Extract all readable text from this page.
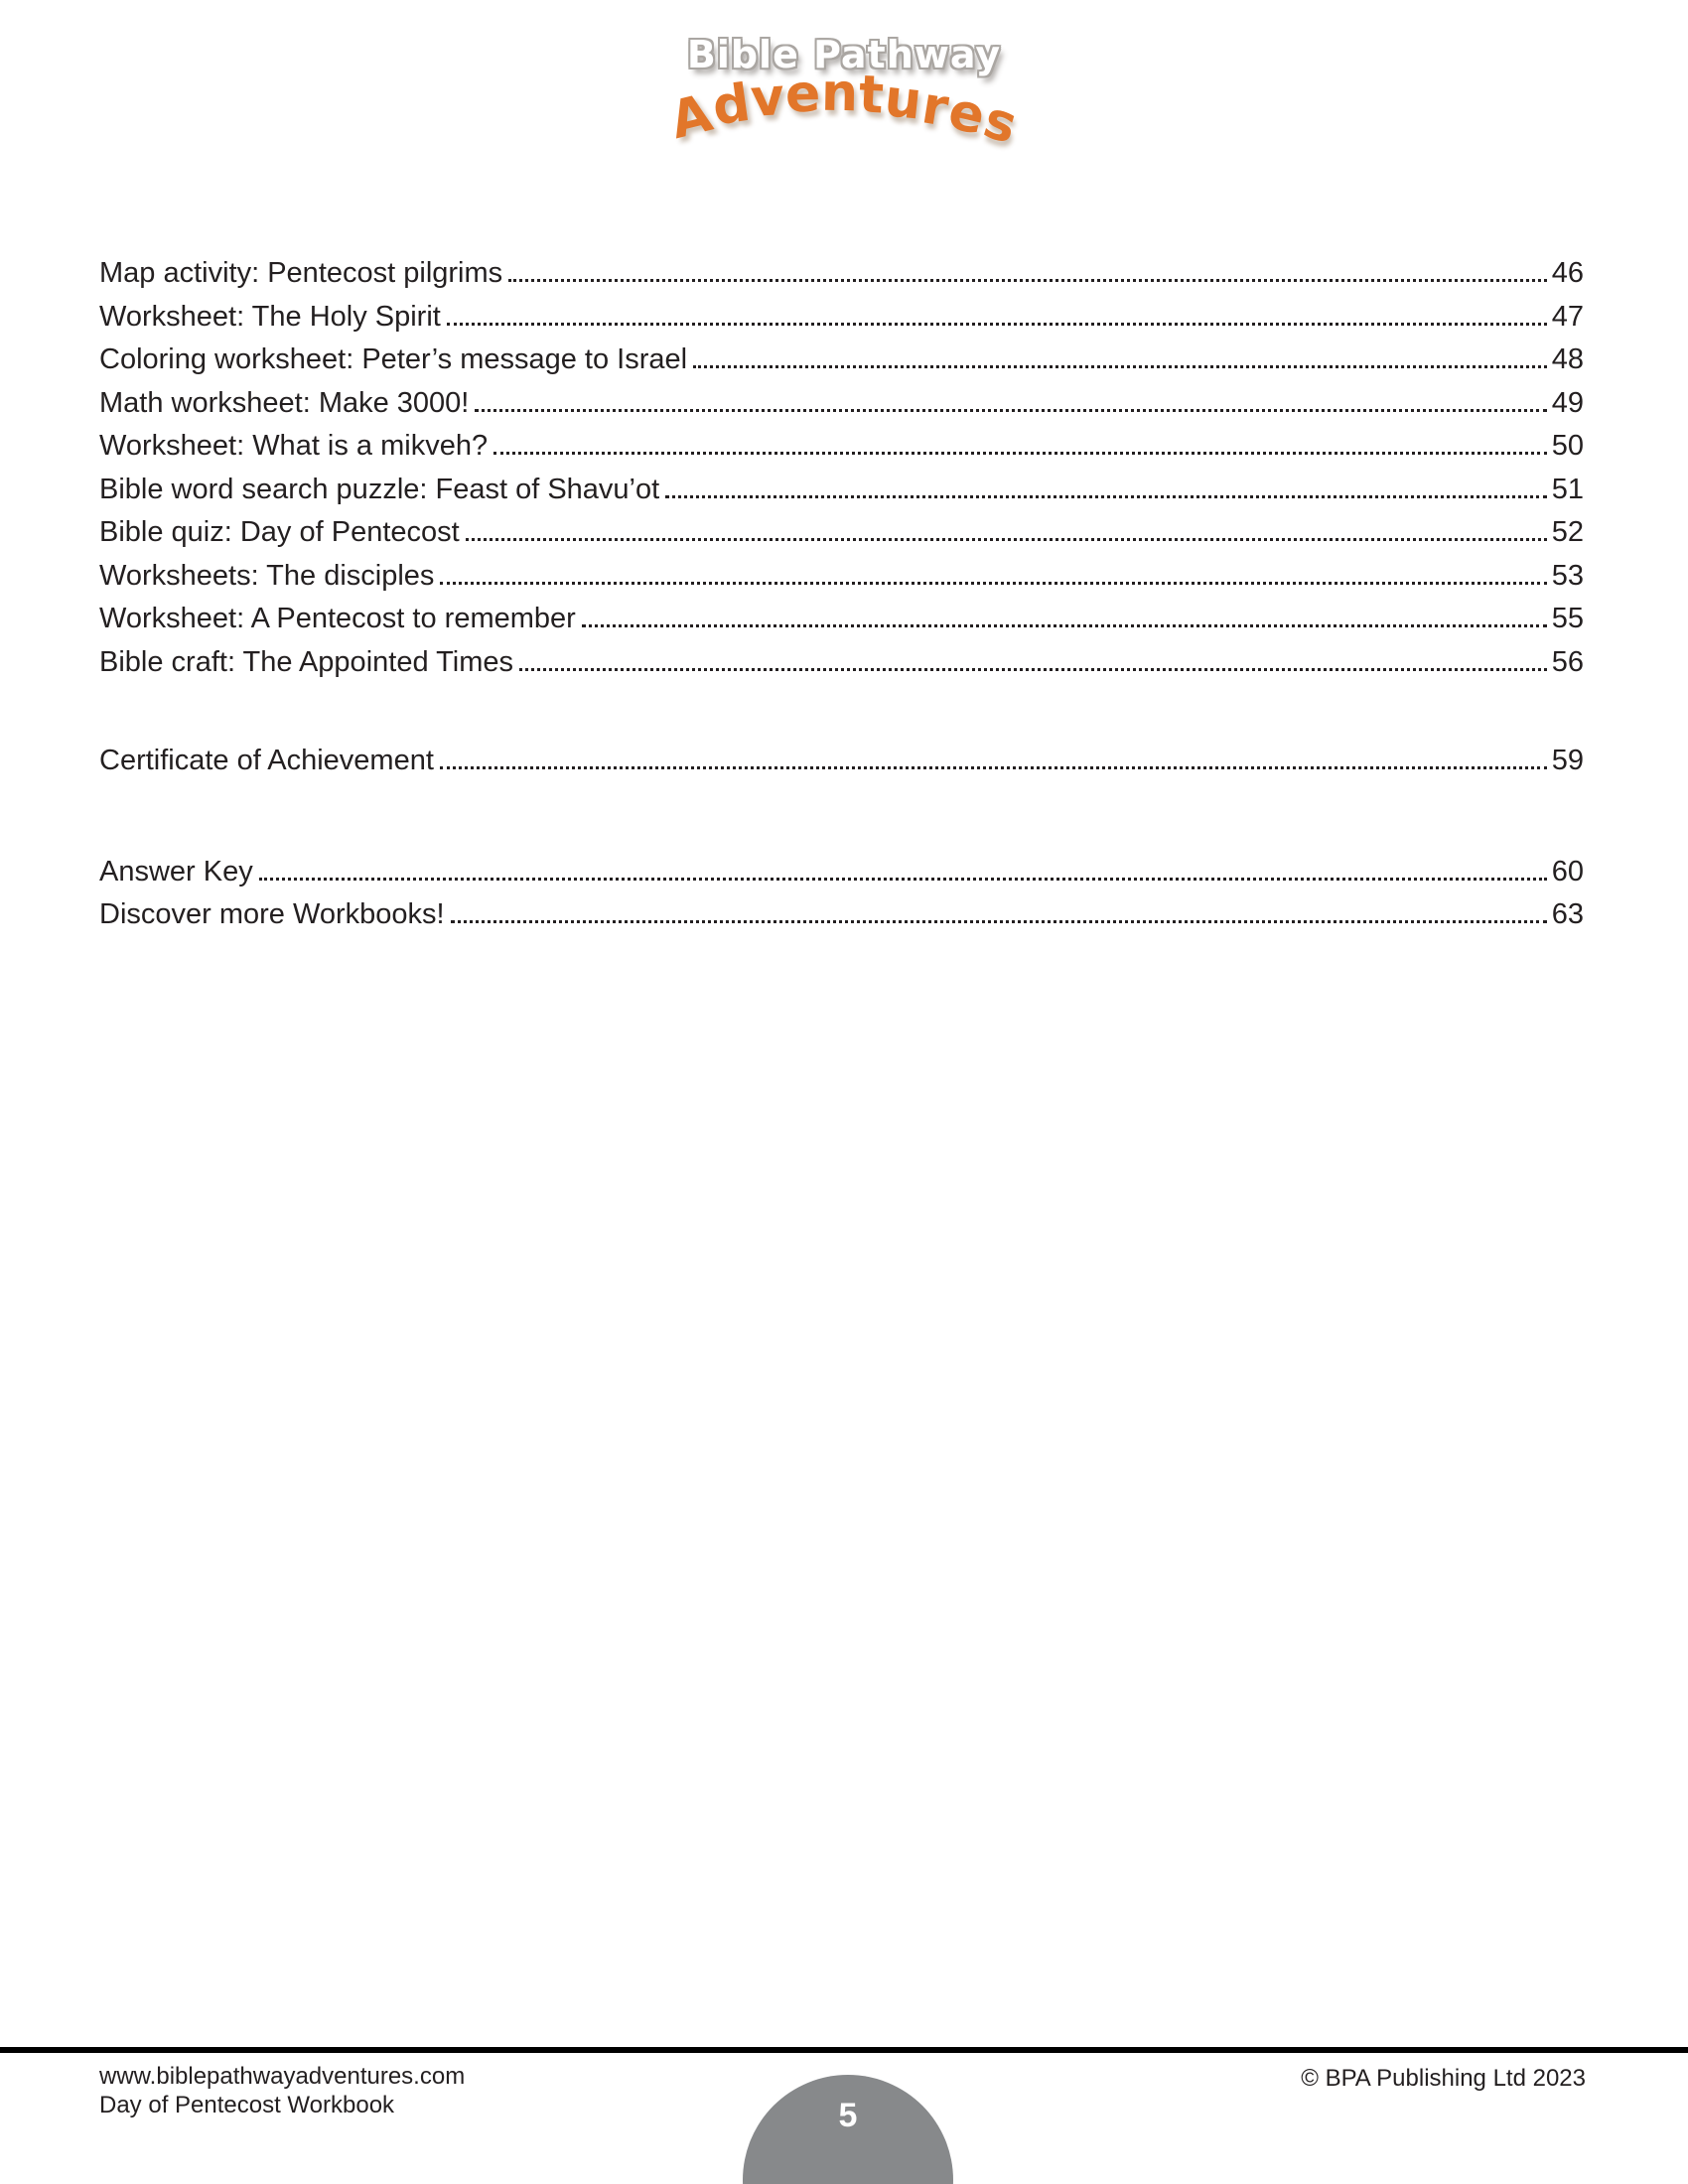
Bible Pathway
Adventures
Map activity: Pentecost pilgrims	46
Worksheet: The Holy Spirit	47
Coloring worksheet: Peter’s message to Israel	48
Math worksheet: Make 3000!	49
Worksheet: What is a mikveh?	50
Bible word search puzzle: Feast of Shavu’ot	51
Bible quiz: Day of Pentecost	52
Worksheets: The disciples	53
Worksheet: A Pentecost to remember	55
Bible craft: The Appointed Times	56
Certificate of Achievement	59
Answer Key	60
Discover more Workbooks!	63
www.biblepathwayadventures.com
Day of Pentecost Workbook
© BPA Publishing Ltd 2023
5
